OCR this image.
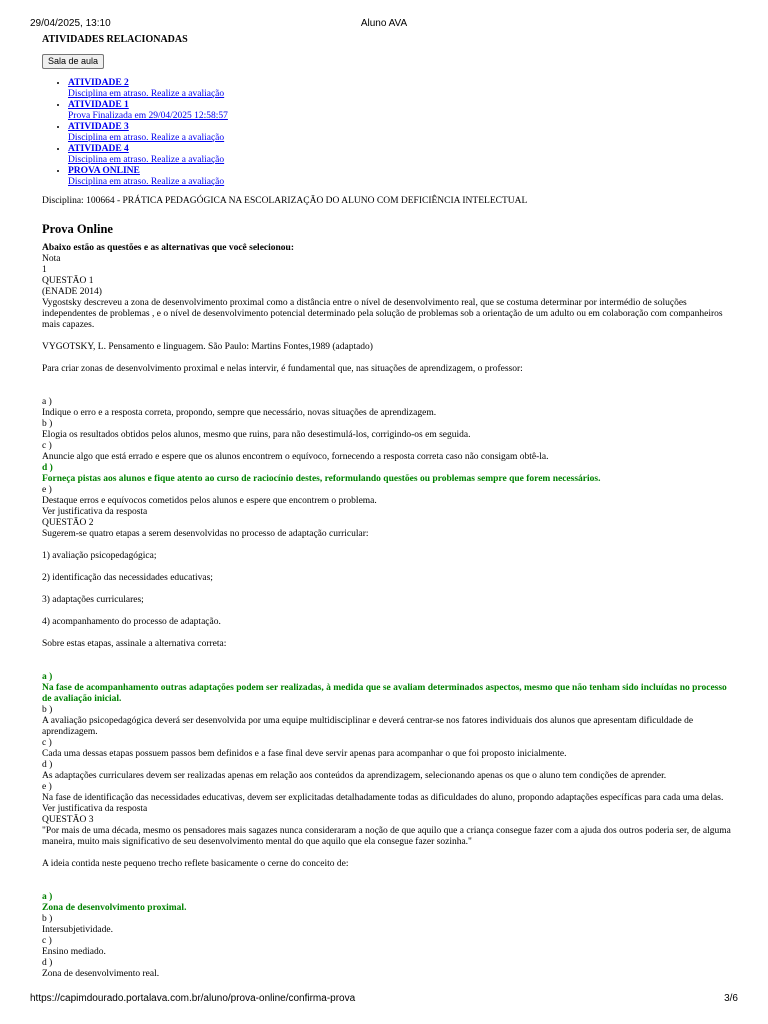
29/04/2025, 13:10	Aluno AVA

ATIVIDADES RELACIONADAS

Sala de aula
• ATIVIDADE 2
Disciplina em atraso. Realize a avaliação
• ATIVIDADE 1
Prova Finalizada em 29/04/2025 12:58:57
• ATIVIDADE 3
Disciplina em atraso. Realize a avaliação
• ATIVIDADE 4
Disciplina em atraso. Realize a avaliação
• PROVA ONLINE
Disciplina em atraso. Realize a avaliação

Disciplina: 100664 - PRÁTICA PEDAGÓGICA NA ESCOLARIZAÇÃO DO ALUNO COM DEFICIÊNCIA INTELECTUAL

Prova Online

Abaixo estão as questões e as alternativas que você selecionou:

Nota

1

QUESTÃO 1

(ENADE 2014)

Vygostsky descreveu a zona de desenvolvimento proximal como a distância entre o nível de desenvolvimento real, que se costuma determinar por intermédio de soluções independentes de problemas , e o nível de desenvolvimento potencial determinado pela solução de problemas sob a orientação de um adulto ou em colaboração com companheiros mais capazes.

VYGOTSKY, L. Pensamento e linguagem. São Paulo: Martins Fontes,1989 (adaptado)

Para criar zonas de desenvolvimento proximal e nelas intervir, é fundamental que, nas situações de aprendizagem, o professor:

a )

Indique o erro e a resposta correta, propondo, sempre que necessário, novas situações de aprendizagem.

b )

Elogia os resultados obtidos pelos alunos, mesmo que ruins, para não desestimulá-los, corrigindo-os em seguida.

c )

Anuncie algo que está errado e espere que os alunos encontrem o equívoco, fornecendo a resposta correta caso não consigam obtê-la.

d )

Forneça pistas aos alunos e fique atento ao curso de raciocínio destes, reformulando questões ou problemas sempre que forem necessários.

e )

Destaque erros e equívocos cometidos pelos alunos e espere que encontrem o problema.

Ver justificativa da resposta

QUESTÃO 2

Sugerem-se quatro etapas a serem desenvolvidas no processo de adaptação curricular:

1) avaliação psicopedagógica;

2) identificação das necessidades educativas;

3) adaptações curriculares;

4) acompanhamento do processo de adaptação.

Sobre estas etapas, assinale a alternativa correta:

a )

Na fase de acompanhamento outras adaptações podem ser realizadas, à medida que se avaliam determinados aspectos, mesmo que não tenham sido incluídas no processo de avaliação inicial.

b )

A avaliação psicopedagógica deverá ser desenvolvida por uma equipe multidisciplinar e deverá centrar-se nos fatores individuais dos alunos que apresentam dificuldade de aprendizagem.

c )

Cada uma dessas etapas possuem passos bem definidos e a fase final deve servir apenas para acompanhar o que foi proposto inicialmente.

d )

As adaptações curriculares devem ser realizadas apenas em relação aos conteúdos da aprendizagem, selecionando apenas os que o aluno tem condições de aprender.

e )

Na fase de identificação das necessidades educativas, devem ser explicitadas detalhadamente todas as dificuldades do aluno, propondo adaptações específicas para cada uma delas.

Ver justificativa da resposta

QUESTÃO 3

"Por mais de uma década, mesmo os pensadores mais sagazes nunca consideraram a noção de que aquilo que a criança consegue fazer com a ajuda dos outros poderia ser, de alguma maneira, muito mais significativo de seu desenvolvimento mental do que aquilo que ela consegue fazer sozinha."

A ideia contida neste pequeno trecho reflete basicamente o cerne do conceito de:

a )

Zona de desenvolvimento proximal.

b )

Intersubjetividade.

c )

Ensino mediado.

d )

Zona de desenvolvimento real.

https://capimdourado.portalava.com.br/aluno/prova-online/confirma-prova	3/6
